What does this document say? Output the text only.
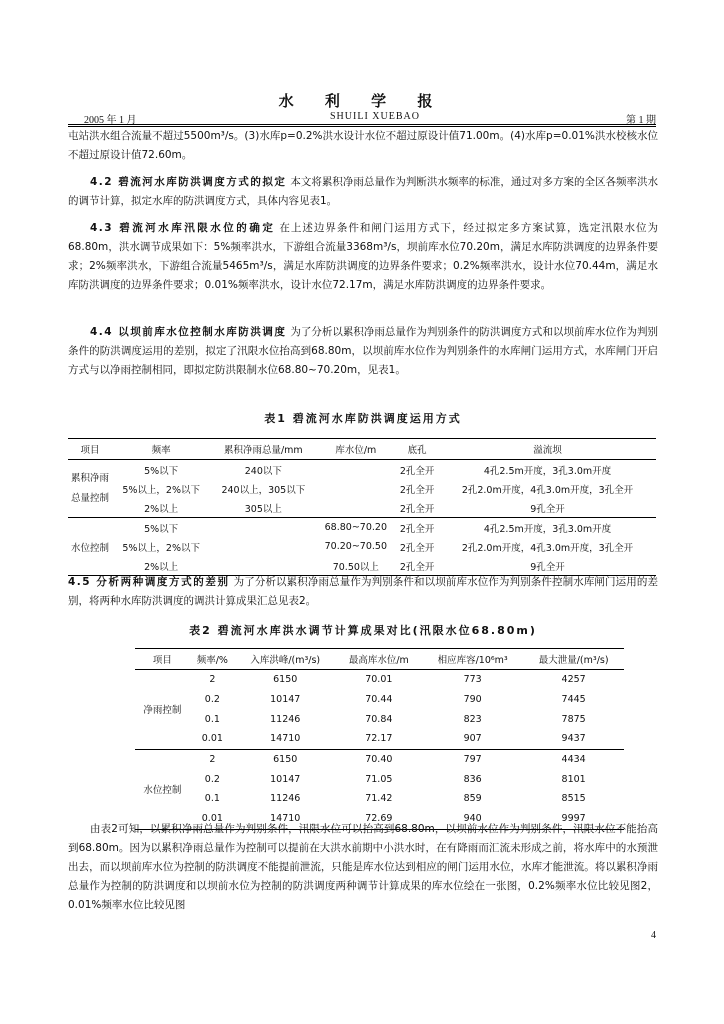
水 利 学 报
2005 年 1 月	SHUILI XUEBAO	第 1 期

屯站洪水组合流量不超过5500m³/s。(3)水库p=0.2%洪水设计水位不超过原设计值71.00m。(4)水库p=0.01%洪水校核水位不超过原设计值72.60m。

4.2 碧流河水库防洪调度方式的拟定 本文将累积净雨总量作为判断洪水频率的标准，通过对多方案的全区各频率洪水的调节计算，拟定水库的防洪调度方式，具体内容见表1。

4.3 碧流河水库汛限水位的确定 在上述边界条件和闸门运用方式下，经过拟定多方案试算，选定汛限水位为68.80m，洪水调节成果如下：5%频率洪水，下游组合流量3368m³/s，坝前库水位70.20m，满足水库防洪调度的边界条件要求；2%频率洪水，下游组合流量5465m³/s，满足水库防洪调度的边界条件要求；0.2%频率洪水，设计水位70.44m，满足水库防洪调度的边界条件要求；0.01%频率洪水，设计水位72.17m，满足水库防洪调度的边界条件要求。

4.4 以坝前库水位控制水库防洪调度 为了分析以累积净雨总量作为判别条件的防洪调度方式和以坝前库水位作为判别条件的防洪调度运用的差别，拟定了汛限水位抬高到68.80m，以坝前库水位作为判别条件的水库闸门运用方式，水库闸门开启方式与以净雨控制相同，即拟定防洪限制水位68.80~70.20m，见表1。

表1 碧流河水库防洪调度运用方式
项目	频率	累积净雨总量/mm	库水位/m	底孔	溢流坝
累积净雨总量控制	5%以下	240以下		2孔全开	4孔2.5m开度，3孔3.0m开度
	5%以上，2%以下	240以上，305以下		2孔全开	2孔2.0m开度，4孔3.0m开度，3孔全开
	2%以上	305以上		2孔全开	9孔全开
水位控制	5%以下		68.80~70.20	2孔全开	4孔2.5m开度，3孔3.0m开度
	5%以上，2%以下		70.20~70.50	2孔全开	2孔2.0m开度，4孔3.0m开度，3孔全开
	2%以上		70.50以上	2孔全开	9孔全开

4.5 分析两种调度方式的差别 为了分析以累积净雨总量作为判别条件和以坝前库水位作为判别条件控制水库闸门运用的差别，将两种水库防洪调度的调洪计算成果汇总见表2。

表2 碧流河水库洪水调节计算成果对比(汛限水位68.80m)
项目	频率/%	入库洪峰/(m³/s)	最高库水位/m	相应库容/10⁶m³	最大泄量/(m³/s)
净雨控制	2	6150	70.01	773	4257
	0.2	10147	70.44	790	7445
	0.1	11246	70.84	823	7875
	0.01	14710	72.17	907	9437
水位控制	2	6150	70.40	797	4434
	0.2	10147	71.05	836	8101
	0.1	11246	71.42	859	8515
	0.01	14710	72.69	940	9997

由表2可知，以累积净雨总量作为判别条件，汛限水位可以抬高到68.80m，以坝前水位作为判别条件，汛限水位不能抬高到68.80m。因为以累积净雨总量作为控制可以提前在大洪水前期中小洪水时，在有降雨而汇流未形成之前，将水库中的水预泄出去，而以坝前库水位为控制的防洪调度不能提前泄流，只能是库水位达到相应的闸门运用水位，水库才能泄流。将以累积净雨总量作为控制的防洪调度和以坝前水位为控制的防洪调度两种调节计算成果的库水位绘在一张图，0.2%频率水位比较见图2，0.01%频率水位比较见图

4
